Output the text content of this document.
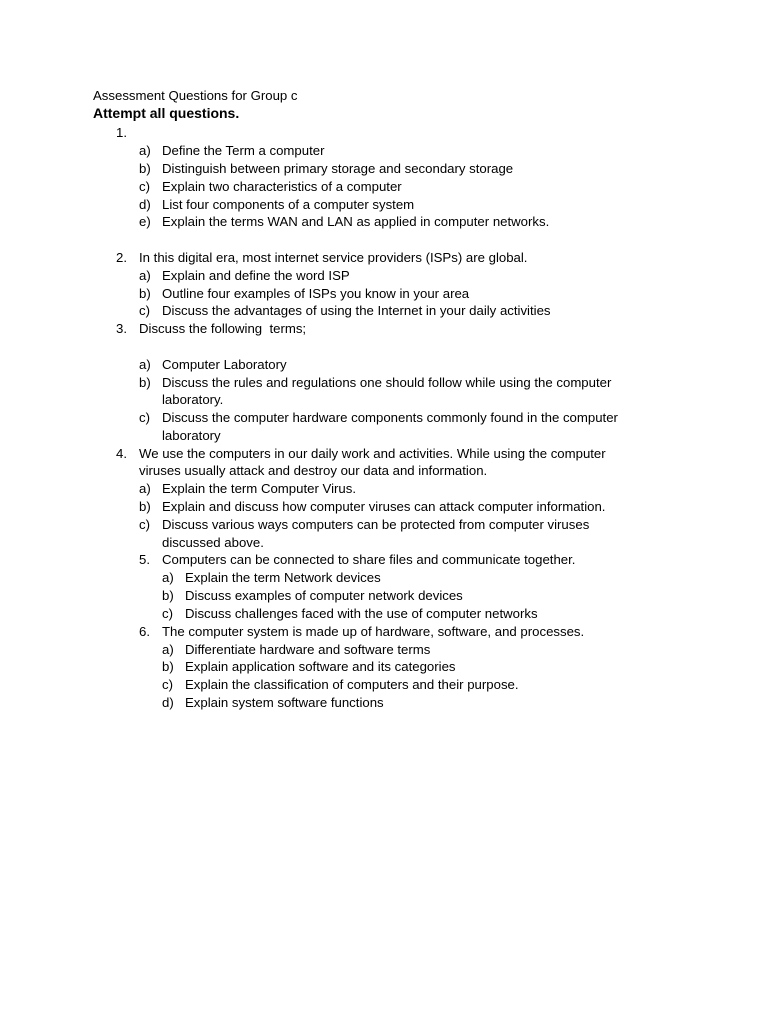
Assessment Questions for Group c
Attempt all questions.
1.
a) Define the Term a computer
b) Distinguish between primary storage and secondary storage
c) Explain two characteristics of a computer
d) List four components of a computer system
e) Explain the terms WAN and LAN as applied in computer networks.
2. In this digital era, most internet service providers (ISPs) are global.
a) Explain and define the word ISP
b) Outline four examples of ISPs you know in your area
c) Discuss the advantages of using the Internet in your daily activities
3. Discuss the following  terms;
a) Computer Laboratory
b) Discuss the rules and regulations one should follow while using the computer
laboratory.
c) Discuss the computer hardware components commonly found in the computer
laboratory
4. We use the computers in our daily work and activities. While using the computer
viruses usually attack and destroy our data and information.
a) Explain the term Computer Virus.
b) Explain and discuss how computer viruses can attack computer information.
c) Discuss various ways computers can be protected from computer viruses
discussed above.
5. Computers can be connected to share files and communicate together.
a) Explain the term Network devices
b) Discuss examples of computer network devices
c) Discuss challenges faced with the use of computer networks
6. The computer system is made up of hardware, software, and processes.
a) Differentiate hardware and software terms
b) Explain application software and its categories
c) Explain the classification of computers and their purpose.
d) Explain system software functions
